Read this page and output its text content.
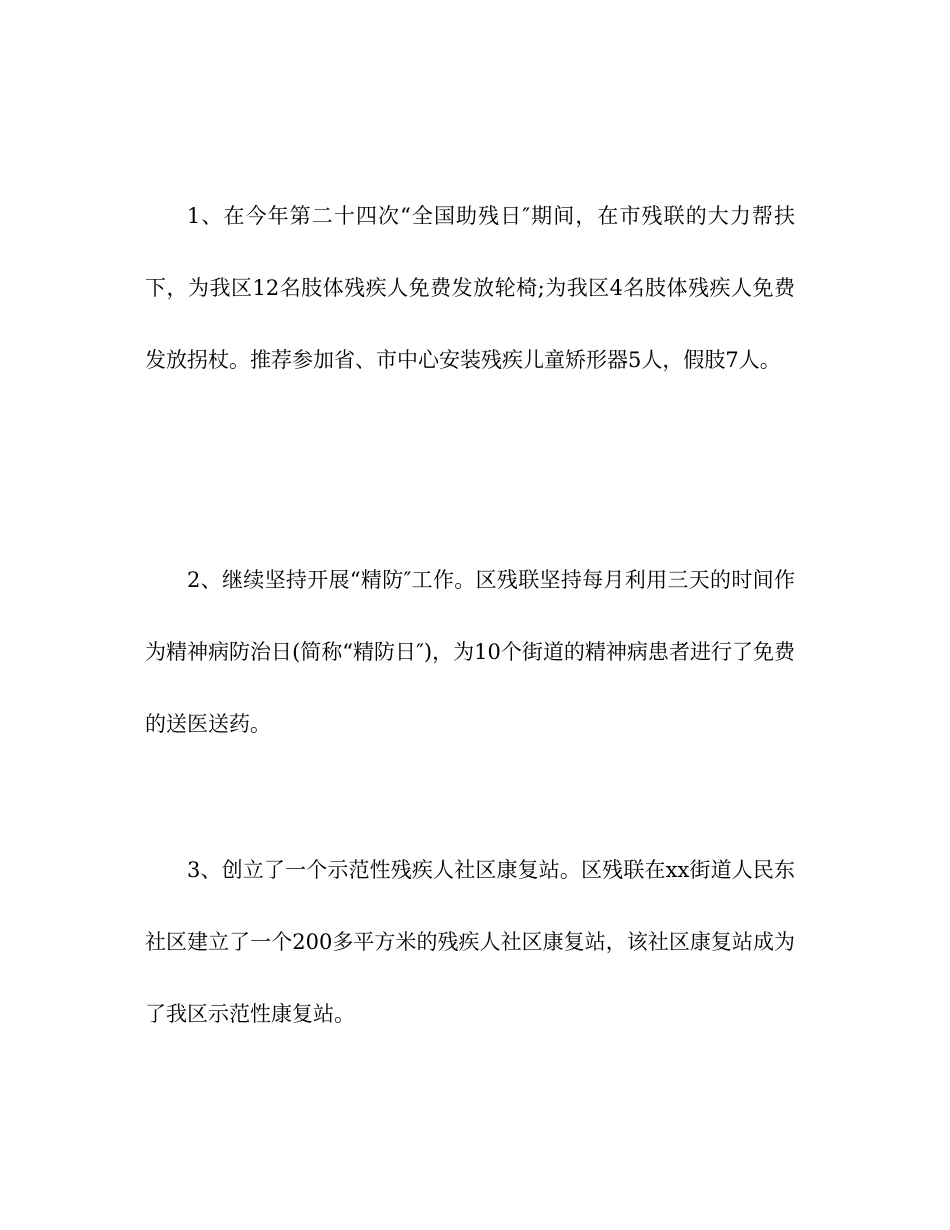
1、在今年第二十四次“全国助残日″期间，在市残联的大力帮扶下，为我区12名肢体残疾人免费发放轮椅;为我区4名肢体残疾人免费发放拐杖。推荐参加省、市中心安装残疾儿童矫形器5人，假肢7人。

2、继续坚持开展“精防″工作。区残联坚持每月利用三天的时间作为精神病防治日(简称“精防日″)，为10个街道的精神病患者进行了免费的送医送药。

3、创立了一个示范性残疾人社区康复站。区残联在xx街道人民东社区建立了一个200多平方米的残疾人社区康复站，该社区康复站成为了我区示范性康复站。
